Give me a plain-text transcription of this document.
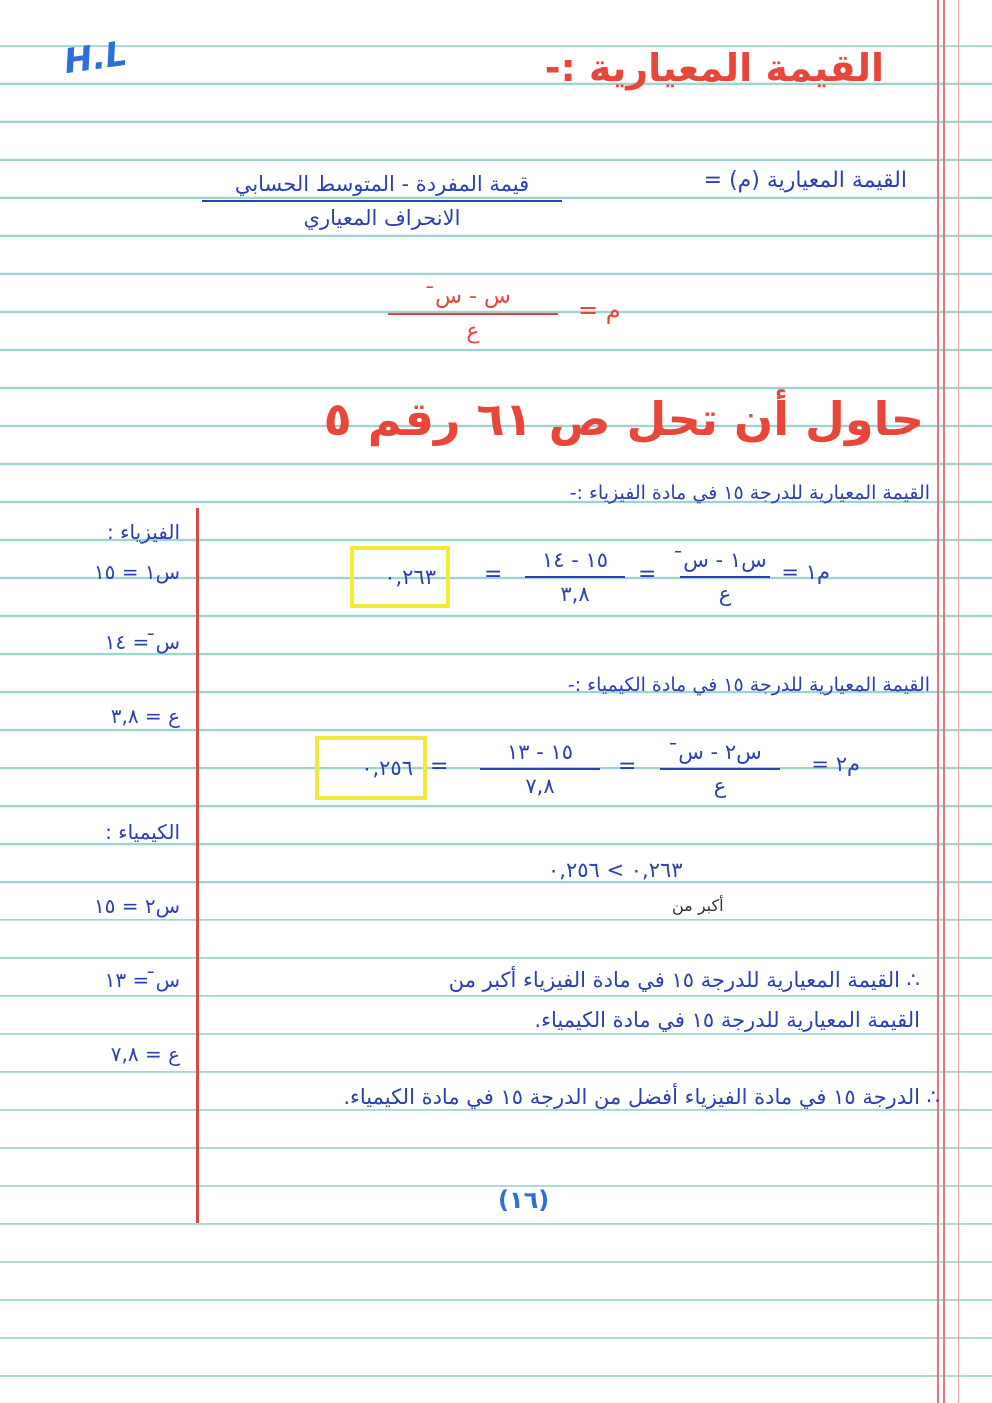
H.L	القيمة المعيارية :-
القيمة المعيارية (م) =
قيمة المفردة - المتوسط الحسابي
الانحراف المعياري
م =
س - س̄
ع
حاول أن تحل ص ٦١ رقم ٥
القيمة المعيارية للدرجة ١٥ في مادة الفيزياء :-
م١ =
س١ - س̄
ع
=
١٥ - ١٤
٣,٨
=
٠,٢٦٣
القيمة المعيارية للدرجة ١٥ في مادة الكيمياء :-
م٢ =
س٢ - س̄
ع
=
١٥ - ١٣
٧,٨
=
٠,٢٥٦
٠,٢٦٣ > ٠,٢٥٦
أكبر من
∴ القيمة المعيارية للدرجة ١٥ في مادة الفيزياء أكبر من
القيمة المعيارية للدرجة ١٥ في مادة الكيمياء.
∴ الدرجة ١٥ في مادة الفيزياء أفضل من الدرجة ١٥ في مادة الكيمياء.
الفيزياء :
س١ = ١٥
س̄ = ١٤
ع = ٣,٨
الكيمياء :
س٢ = ١٥
س̄ = ١٣
ع = ٧,٨
(١٦)
